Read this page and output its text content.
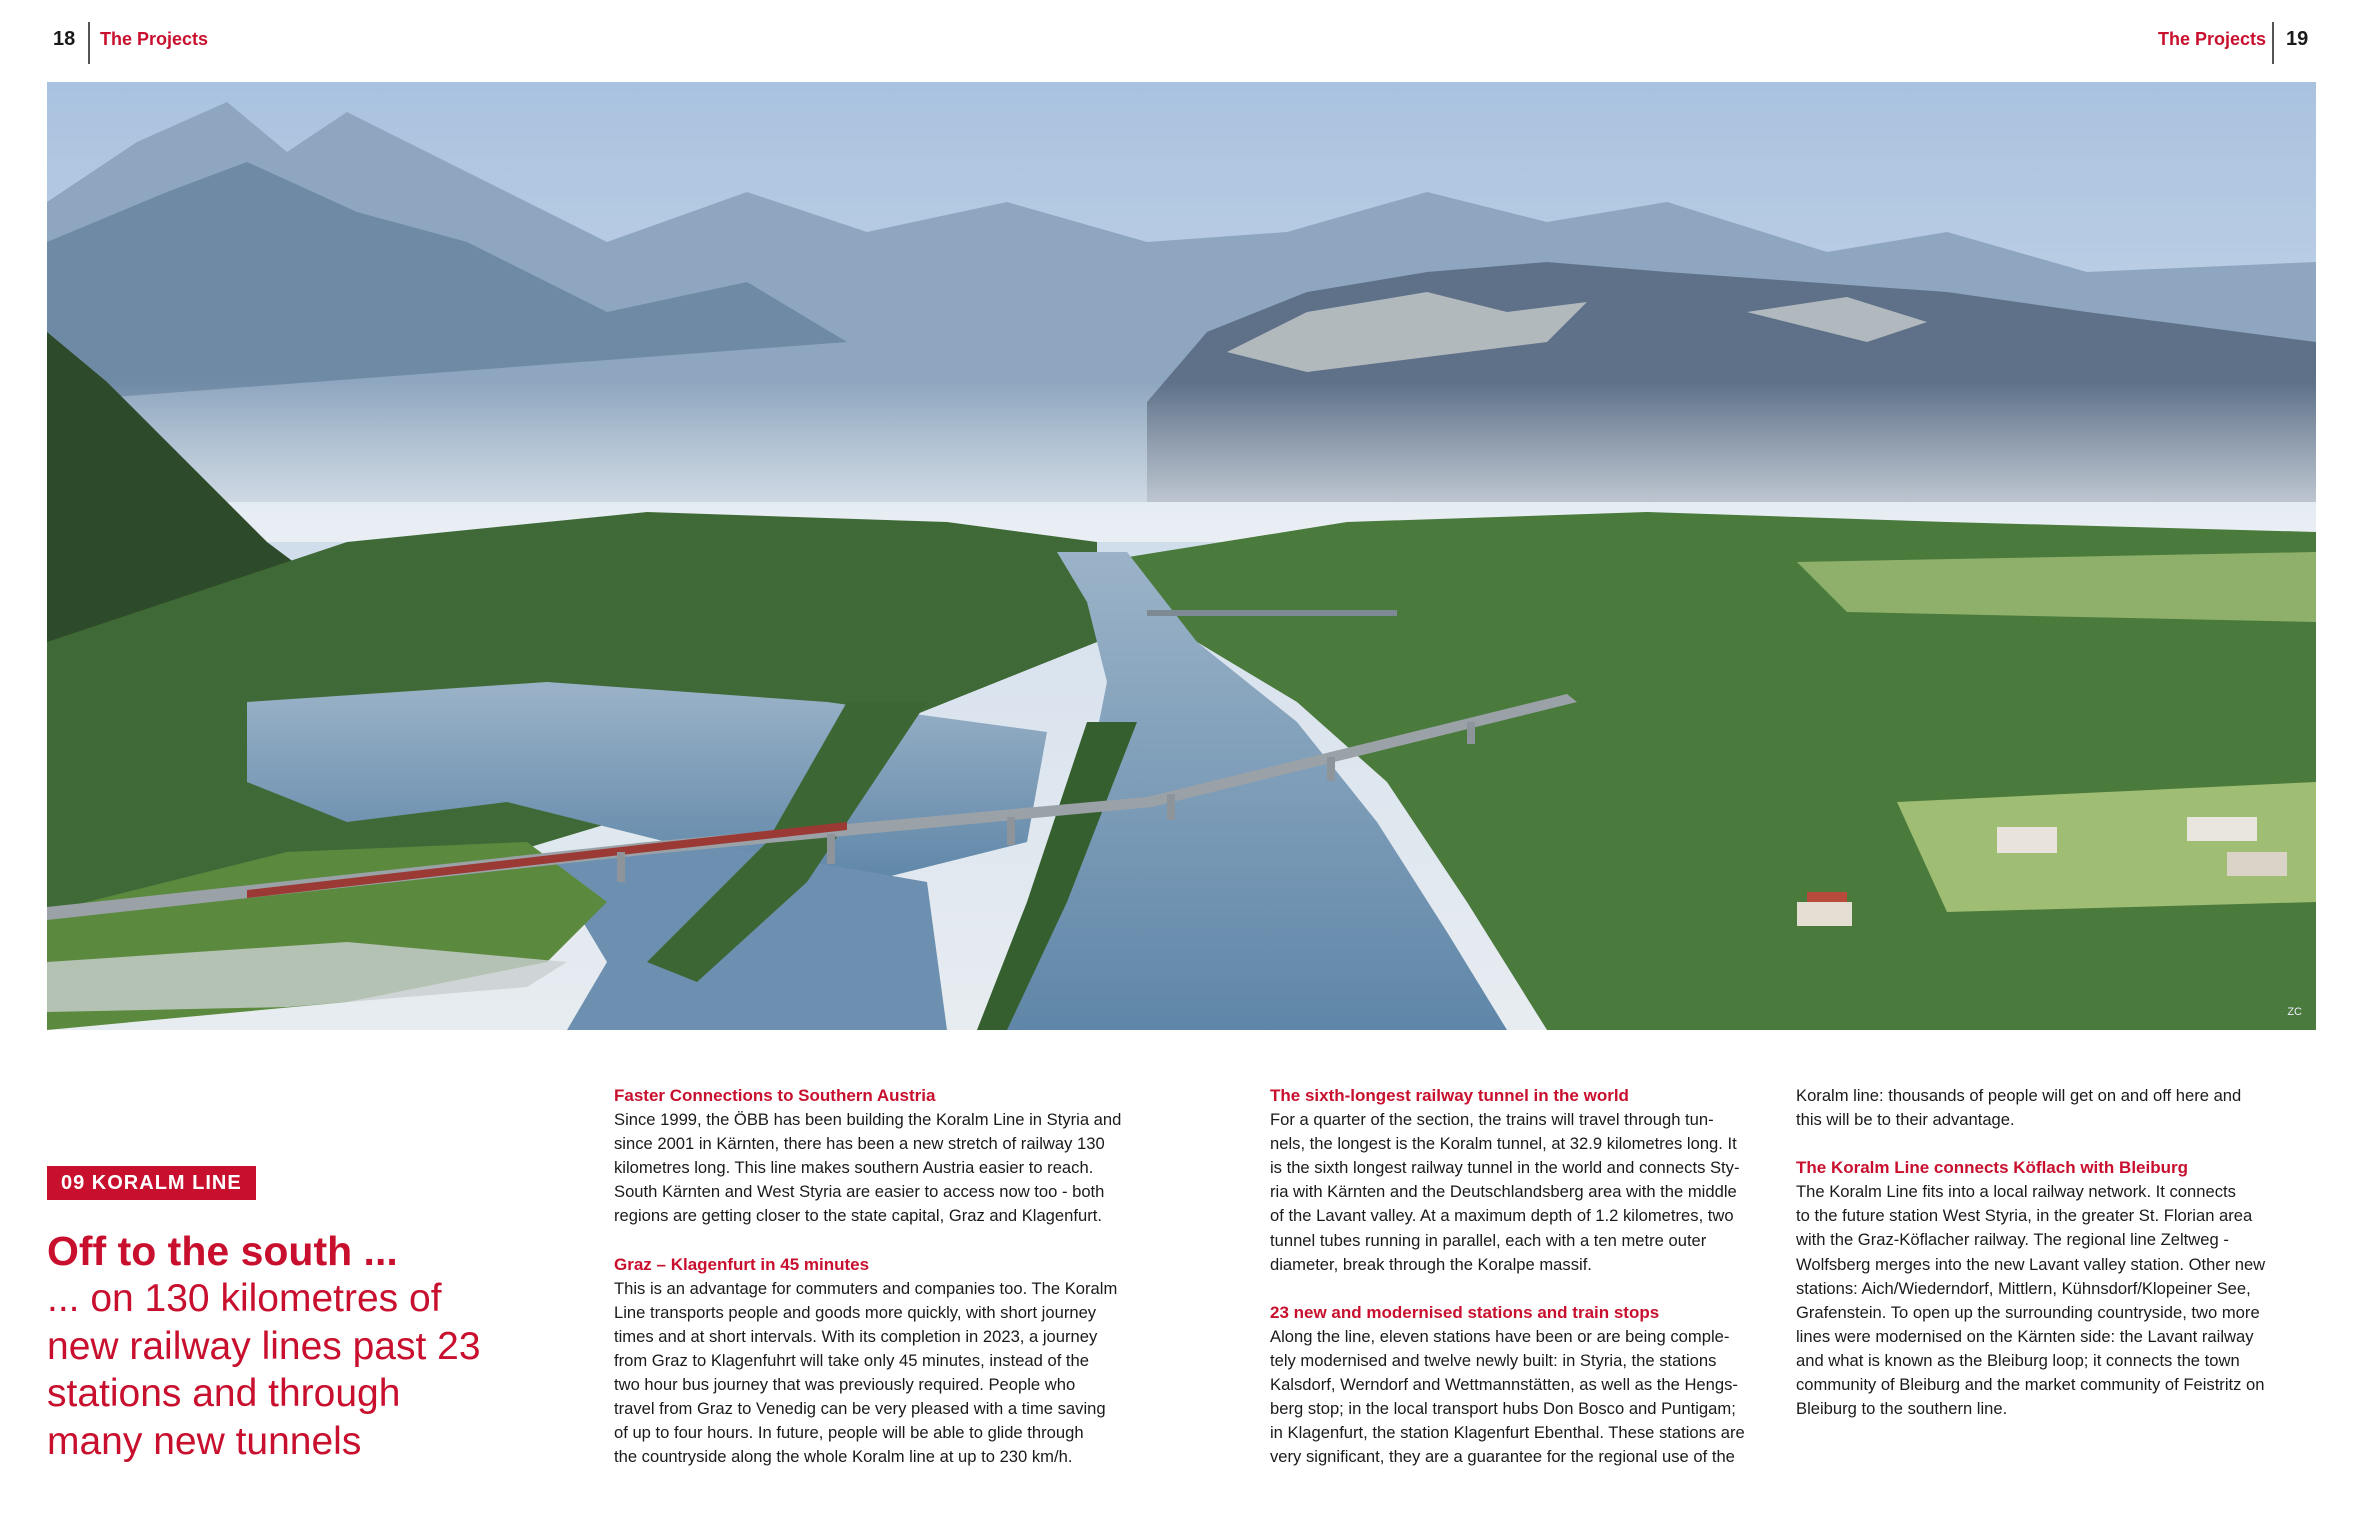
18 The Projects	The Projects 19
ZC
09 KORALM LINE

Off to the south ...

... on 130 kilometres of

new railway lines past 23

stations and through

many new tunnels

Faster Connections to Southern Austria

Since 1999, the ÖBB has been building the Koralm Line in Styria and
since 2001 in Kärnten, there has been a new stretch of railway 130
kilometres long. This line makes southern Austria easier to reach.
South Kärnten and West Styria are easier to access now too - both
regions are getting closer to the state capital, Graz and Klagenfurt.

Graz – Klagenfurt in 45 minutes

This is an advantage for commuters and companies too. The Koralm
Line transports people and goods more quickly, with short journey
times and at short intervals. With its completion in 2023, a journey
from Graz to Klagenfuhrt will take only 45 minutes, instead of the
two hour bus journey that was previously required. People who
travel from Graz to Venedig can be very pleased with a time saving
of up to four hours. In future, people will be able to glide through
the countryside along the whole Koralm line at up to 230 km/h.

The sixth-longest railway tunnel in the world

For a quarter of the section, the trains will travel through tun-
nels, the longest is the Koralm tunnel, at 32.9 kilometres long. It
is the sixth longest railway tunnel in the world and connects Sty-
ria with Kärnten and the Deutschlandsberg area with the middle
of the Lavant valley. At a maximum depth of 1.2 kilometres, two
tunnel tubes running in parallel, each with a ten metre outer
diameter, break through the Koralpe massif.

23 new and modernised stations and train stops

Along the line, eleven stations have been or are being comple-
tely modernised and twelve newly built: in Styria, the stations
Kalsdorf, Werndorf and Wettmannstätten, as well as the Hengs-
berg stop; in the local transport hubs Don Bosco and Puntigam;
in Klagenfurt, the station Klagenfurt Ebenthal. These stations are
very significant, they are a guarantee for the regional use of the

Koralm line: thousands of people will get on and off here and
this will be to their advantage.

The Koralm Line connects Köflach with Bleiburg

The Koralm Line fits into a local railway network. It connects
to the future station West Styria, in the greater St. Florian area
with the Graz-Köflacher railway. The regional line Zeltweg -
Wolfsberg merges into the new Lavant valley station. Other new
stations: Aich/Wiederndorf, Mittlern, Kühnsdorf/Klopeiner See,
Grafenstein. To open up the surrounding countryside, two more
lines were modernised on the Kärnten side: the Lavant railway
and what is known as the Bleiburg loop; it connects the town
community of Bleiburg and the market community of Feistritz on
Bleiburg to the southern line.
